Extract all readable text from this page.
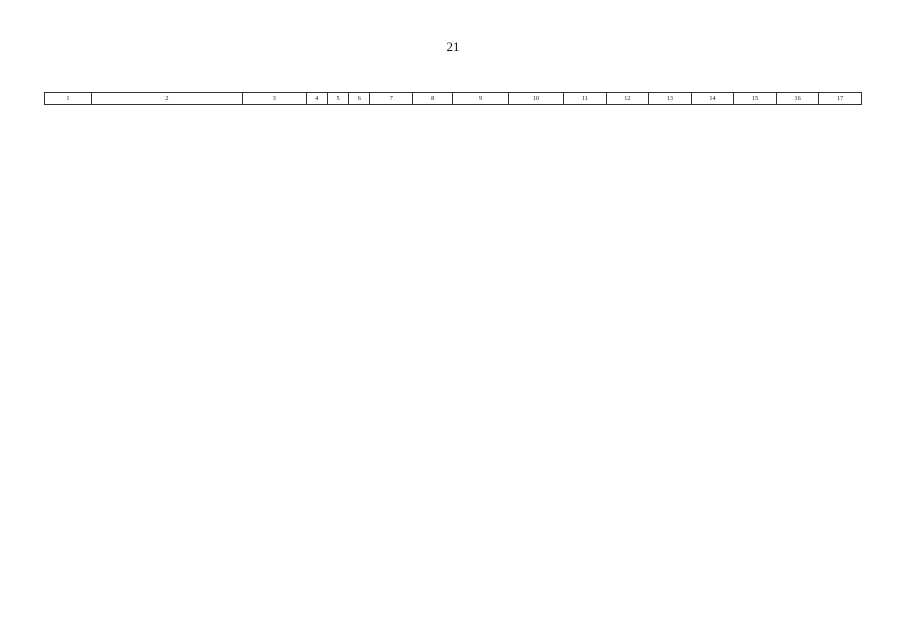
21
1	2	3	4	5	6	7	8	9	10	11	12	13	14	15	16	17
